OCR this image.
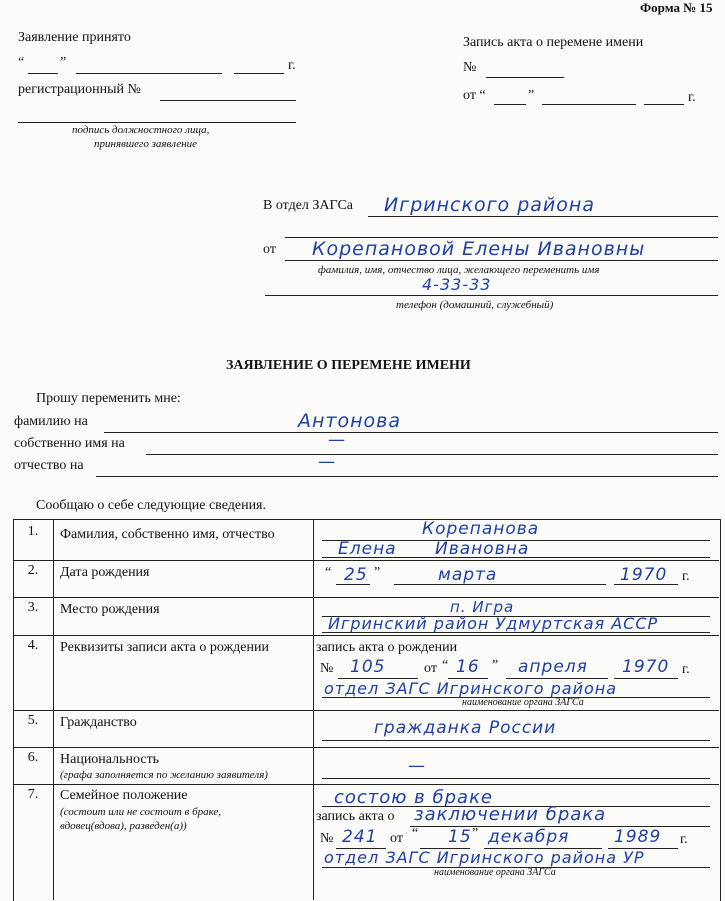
Форма № 15
Заявление принято
“	”	г.
регистрационный №
подпись должностного лица,
принявшего заявление
Запись акта о перемене имени
№
от “	”	г.
В отдел ЗАГСа Игринского района
от Корепановой Елены Ивановны
фамилия, имя, отчество лица, желающего переменить имя
4-33-33
телефон (домашний, служебный)
ЗАЯВЛЕНИЕ О ПЕРЕМЕНЕ ИМЕНИ
Прошу переменить мне:
фамилию на	Антонова
собственно имя на	—
отчество на	—
Сообщаю о себе следующие сведения.
1.	Фамилия, собственно имя, отчество	Корепанова
Елена      Ивановна
2.	Дата рождения	“ 25 ”	марта	1970 г.
3.	Место рождения	п. Игра
Игринский район Удмуртская АССР
4.	Реквизиты записи акта о рождении	запись акта о рождении
№ 105	от “ 16 ” апреля 1970 г.
отдел ЗАГС Игринского района
наименование органа ЗАГСа
5.	Гражданство	гражданка России
6.	Национальность
(графа заполняется по желанию заявителя)	—
7.	Семейное положение
(состоит или не состоит в браке,
вдовец(вдова), разведен(а))
состою в браке
запись акта о заключении брака
№ 241 от “ 15 ” декабря	1989 г.
отдел ЗАГС Игринского района УР
наименование органа ЗАГСа
